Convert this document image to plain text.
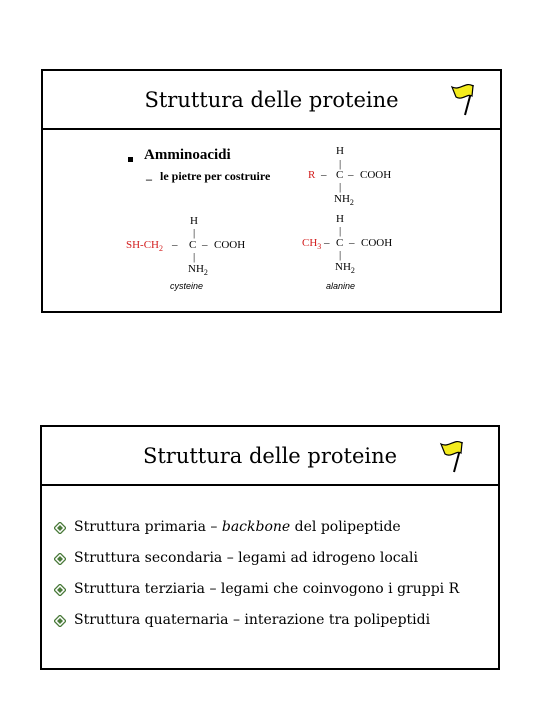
Struttura delle proteine
Amminoacidi
– le pietre per costruire
H
|
R – C – COOH
|
$NH_2$
H
|
$SH-CH_2$ – C – COOH
|
$NH_2$
cysteine
H
|
$CH_3$ – C – COOH
|
$NH_2$
alanine
Struttura delle proteine
Struttura primaria – backbone del polipeptide
Struttura secondaria – legami ad idrogeno locali
Struttura terziaria – legami che coinvogono i gruppi R
Struttura quaternaria – interazione tra polipeptidi
